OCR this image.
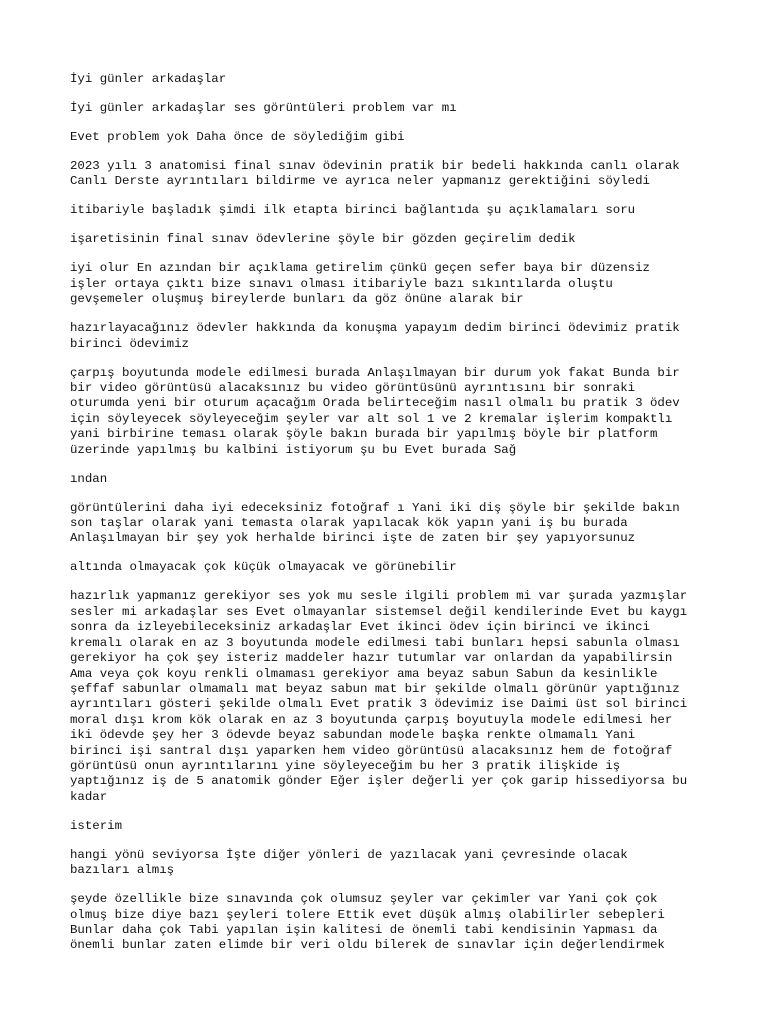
İyi günler arkadaşlar

İyi günler arkadaşlar ses görüntüleri problem var mı

Evet problem yok Daha önce de söylediğim gibi

2023 yılı 3 anatomisi final sınav ödevinin pratik bir bedeli hakkında canlı olarak
Canlı Derste ayrıntıları bildirme ve ayrıca neler yapmanız gerektiğini söyledi

itibariyle başladık şimdi ilk etapta birinci bağlantıda şu açıklamaları soru

işaretisinin final sınav ödevlerine şöyle bir gözden geçirelim dedik

iyi olur En azından bir açıklama getirelim çünkü geçen sefer baya bir düzensiz
işler ortaya çıktı bize sınavı olması itibariyle bazı sıkıntılarda oluştu
gevşemeler oluşmuş bireylerde bunları da göz önüne alarak bir

hazırlayacağınız ödevler hakkında da konuşma yapayım dedim birinci ödevimiz pratik
birinci ödevimiz

çarpış boyutunda modele edilmesi burada Anlaşılmayan bir durum yok fakat Bunda bir
bir video görüntüsü alacaksınız bu video görüntüsünü ayrıntısını bir sonraki
oturumda yeni bir oturum açacağım Orada belirteceğim nasıl olmalı bu pratik 3 ödev
için söyleyecek söyleyeceğim şeyler var alt sol 1 ve 2 kremalar işlerim kompaktlı
yani birbirine teması olarak şöyle bakın burada bir yapılmış böyle bir platform
üzerinde yapılmış bu kalbini istiyorum şu bu Evet burada Sağ

ından

görüntülerini daha iyi edeceksiniz fotoğraf ı Yani iki diş şöyle bir şekilde bakın
son taşlar olarak yani temasta olarak yapılacak kök yapın yani iş bu burada
Anlaşılmayan bir şey yok herhalde birinci işte de zaten bir şey yapıyorsunuz

altında olmayacak çok küçük olmayacak ve görünebilir

hazırlık yapmanız gerekiyor ses yok mu sesle ilgili problem mi var şurada yazmışlar
sesler mi arkadaşlar ses Evet olmayanlar sistemsel değil kendilerinde Evet bu kaygı
sonra da izleyebileceksiniz arkadaşlar Evet ikinci ödev için birinci ve ikinci
kremalı olarak en az 3 boyutunda modele edilmesi tabi bunları hepsi sabunla olması
gerekiyor ha çok şey isteriz maddeler hazır tutumlar var onlardan da yapabilirsin
Ama veya çok koyu renkli olmaması gerekiyor ama beyaz sabun Sabun da kesinlikle
şeffaf sabunlar olmamalı mat beyaz sabun mat bir şekilde olmalı görünür yaptığınız
ayrıntıları gösteri şekilde olmalı Evet pratik 3 ödevimiz ise Daimi üst sol birinci
moral dışı krom kök olarak en az 3 boyutunda çarpış boyutuyla modele edilmesi her
iki ödevde şey her 3 ödevde beyaz sabundan modele başka renkte olmamalı Yani
birinci işi santral dışı yaparken hem video görüntüsü alacaksınız hem de fotoğraf
görüntüsü onun ayrıntılarını yine söyleyeceğim bu her 3 pratik ilişkide iş
yaptığınız iş de 5 anatomik gönder Eğer işler değerli yer çok garip hissediyorsa bu
kadar

isterim

hangi yönü seviyorsa İşte diğer yönleri de yazılacak yani çevresinde olacak
bazıları almış

şeyde özellikle bize sınavında çok olumsuz şeyler var çekimler var Yani çok çok
olmuş bize diye bazı şeyleri tolere Ettik evet düşük almış olabilirler sebepleri
Bunlar daha çok Tabi yapılan işin kalitesi de önemli tabi kendisinin Yapması da
önemli bunlar zaten elimde bir veri oldu bilerek de sınavlar için değerlendirmek
